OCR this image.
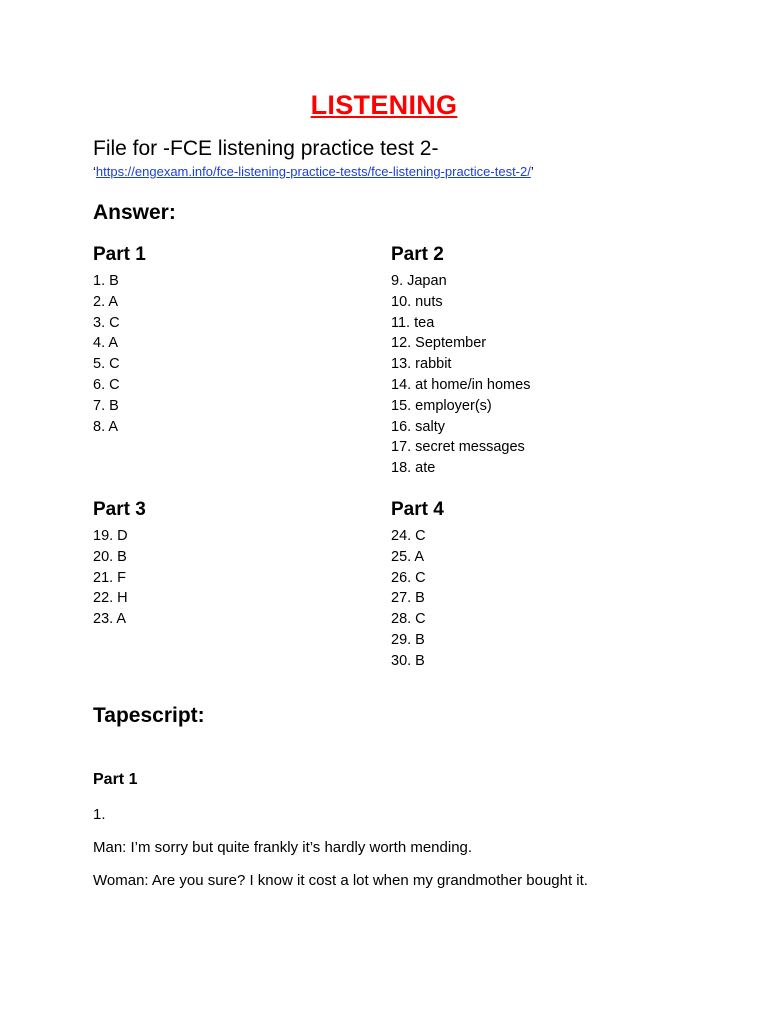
LISTENING
File for -FCE listening practice test 2-
‘https://engexam.info/fce-listening-practice-tests/fce-listening-practice-test-2/’
Answer:
Part 1
1. B
2. A
3. C
4. A
5. C
6. C
7. B
8. A
Part 2
9. Japan
10. nuts
11. tea
12. September
13. rabbit
14. at home/in homes
15. employer(s)
16. salty
17. secret messages
18. ate
Part 3
19. D
20. B
21. F
22. H
23. A
Part 4
24. C
25. A
26. C
27. B
28. C
29. B
30. B
Tapescript:
Part 1
1.
Man: I’m sorry but quite frankly it’s hardly worth mending.
Woman: Are you sure? I know it cost a lot when my grandmother bought it.
